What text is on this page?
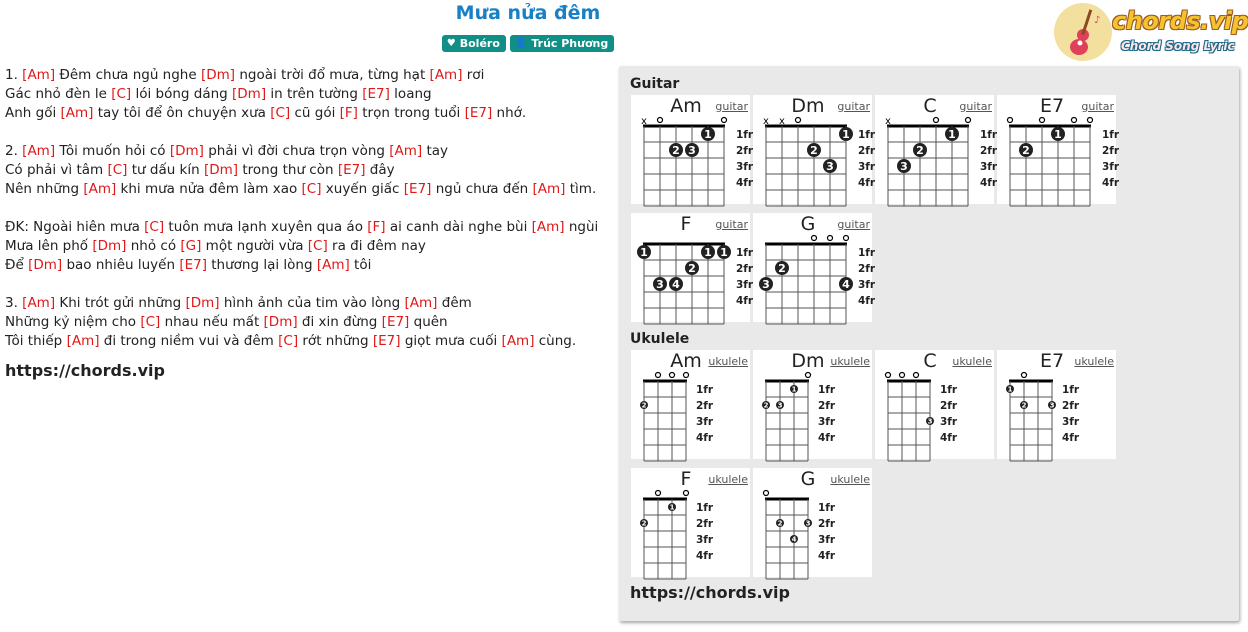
Mưa nửa đêm
♥ Boléro 👤 Trúc Phương
♪ chords.vip
Chord Song Lyric
1. [Am] Đêm chưa ngủ nghe [Dm] ngoài trời đổ mưa, từng hạt [Am] rơi
Gác nhỏ đèn le [C] lói bóng dáng [Dm] in trên tường [E7] loang
Anh gối [Am] tay tôi để ôn chuyện xưa [C] cũ gói [F] trọn trong tuổi [E7] nhớ.
2. [Am] Tôi muốn hỏi có [Dm] phải vì đời chưa trọn vòng [Am] tay
Có phải vì tâm [C] tư dấu kín [Dm] trong thư còn [E7] đây
Nên những [Am] khi mưa nửa đêm làm xao [C] xuyến giấc [E7] ngủ chưa đến [Am] tìm.
ĐK: Ngoài hiên mưa [C] tuôn mưa lạnh xuyên qua áo [F] ai canh dài nghe bùi [Am] ngùi
Mưa lên phố [Dm] nhỏ có [G] một người vừa [C] ra đi đêm nay
Để [Dm] bao nhiêu luyến [E7] thương lại lòng [Am] tôi
3. [Am] Khi trót gửi những [Dm] hình ảnh của tim vào lòng [Am] đêm
Những kỷ niệm cho [C] nhau nếu mất [Dm] đi xin đừng [E7] quên
Tôi thiếp [Am] đi trong niềm vui và đêm [C] rớt những [E7] giọt mưa cuối [Am] cùng.
https://chords.vip
Guitar
Ukulele
https://chords.vip
Am	guitar
x
1fr
2fr
3fr
4fr
1
2 3
Dm	guitar
x x
1fr
2fr
3fr
4fr
1
2
3
C	guitar
x
1fr
2fr
3fr
4fr
1
2
3
E7	guitar
1fr
2fr
3fr
4fr
1
2
F	guitar
1fr
2fr
3fr
4fr
1	1 1
2
3 4
G	guitar
1fr
2fr
3fr
4fr
2
3	4
Am ukulele
1fr
2fr
3fr
4fr
2
Dm ukulele
1fr
2fr
3fr
4fr
1
2 3
C	ukulele
1fr
2fr
3fr
4fr
3
E7 ukulele
1fr
2fr
3fr
4fr
1
2	3
F	ukulele
1fr
2fr
3fr
4fr
1
2
G	ukulele
1fr
2fr
3fr
4fr
2	3
4
